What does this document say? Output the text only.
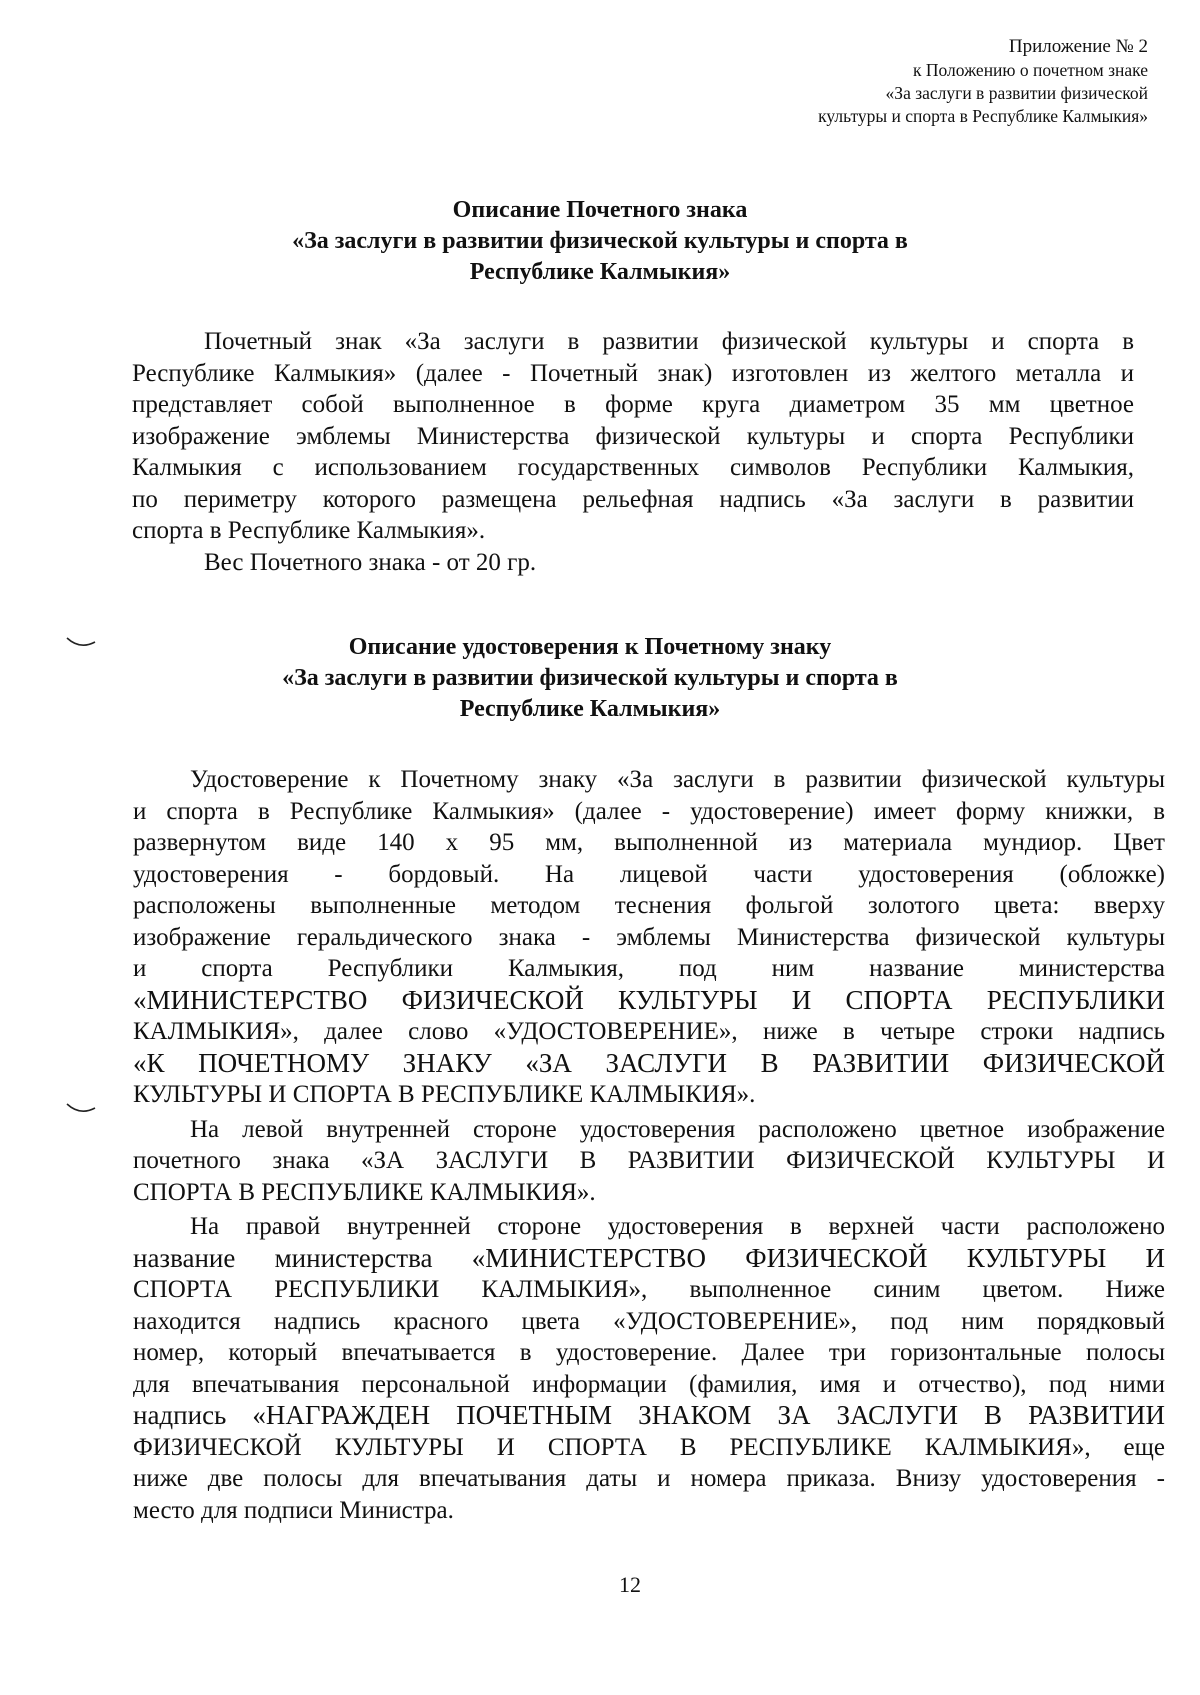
Приложение № 2
к Положению о почетном знаке
«За заслуги в развитии физической
культуры и спорта в Республике Калмыкия»
Описание Почетного знака
«За заслуги в развитии физической культуры и спорта в
Республике Калмыкия»

Почетный знак «За заслуги в развитии физической культуры и спорта в

Республике Калмыкия» (далее - Почетный знак) изготовлен из желтого металла и

представляет собой выполненное в форме круга диаметром 35 мм цветное

изображение эмблемы Министерства физической культуры и спорта Республики

Калмыкия с использованием государственных символов Республики Калмыкия,

по периметру которого размещена рельефная надпись «За заслуги в развитии

спорта в Республике Калмыкия».

Вес Почетного знака - от 20 гр.

Описание удостоверения к Почетному знаку
«За заслуги в развитии физической культуры и спорта в
Республике Калмыкия»

Удостоверение к Почетному знаку «За заслуги в развитии физической культуры

и спорта в Республике Калмыкия» (далее - удостоверение) имеет форму книжки, в

развернутом виде 140 х 95 мм, выполненной из материала мундиор. Цвет

удостоверения - бордовый. На лицевой части удостоверения (обложке)

расположены выполненные методом теснения фольгой золотого цвета: вверху

изображение геральдического знака - эмблемы Министерства физической культуры

и спорта Республики Калмыкия, под ним название министерства

«МИНИСТЕРСТВО ФИЗИЧЕСКОЙ КУЛЬТУРЫ И СПОРТА РЕСПУБЛИКИ

КАЛМЫКИЯ», далее слово «УДОСТОВЕРЕНИЕ», ниже в четыре строки надпись

«К ПОЧЕТНОМУ ЗНАКУ «ЗА ЗАСЛУГИ В РАЗВИТИИ ФИЗИЧЕСКОЙ

КУЛЬТУРЫ И СПОРТА В РЕСПУБЛИКЕ КАЛМЫКИЯ».

На левой внутренней стороне удостоверения расположено цветное изображение

почетного знака «ЗА ЗАСЛУГИ В РАЗВИТИИ ФИЗИЧЕСКОЙ КУЛЬТУРЫ И

СПОРТА В РЕСПУБЛИКЕ КАЛМЫКИЯ».

На правой внутренней стороне удостоверения в верхней части расположено

название министерства «МИНИСТЕРСТВО ФИЗИЧЕСКОЙ КУЛЬТУРЫ И

СПОРТА РЕСПУБЛИКИ КАЛМЫКИЯ», выполненное синим цветом. Ниже

находится надпись красного цвета «УДОСТОВЕРЕНИЕ», под ним порядковый

номер, который впечатывается в удостоверение. Далее три горизонтальные полосы

для впечатывания персональной информации (фамилия, имя и отчество), под ними

надпись «НАГРАЖДЕН ПОЧЕТНЫМ ЗНАКОМ ЗА ЗАСЛУГИ В РАЗВИТИИ

ФИЗИЧЕСКОЙ КУЛЬТУРЫ И СПОРТА В РЕСПУБЛИКЕ КАЛМЫКИЯ», еще

ниже две полосы для впечатывания даты и номера приказа. Внизу удостоверения -

место для подписи Министра.

12
